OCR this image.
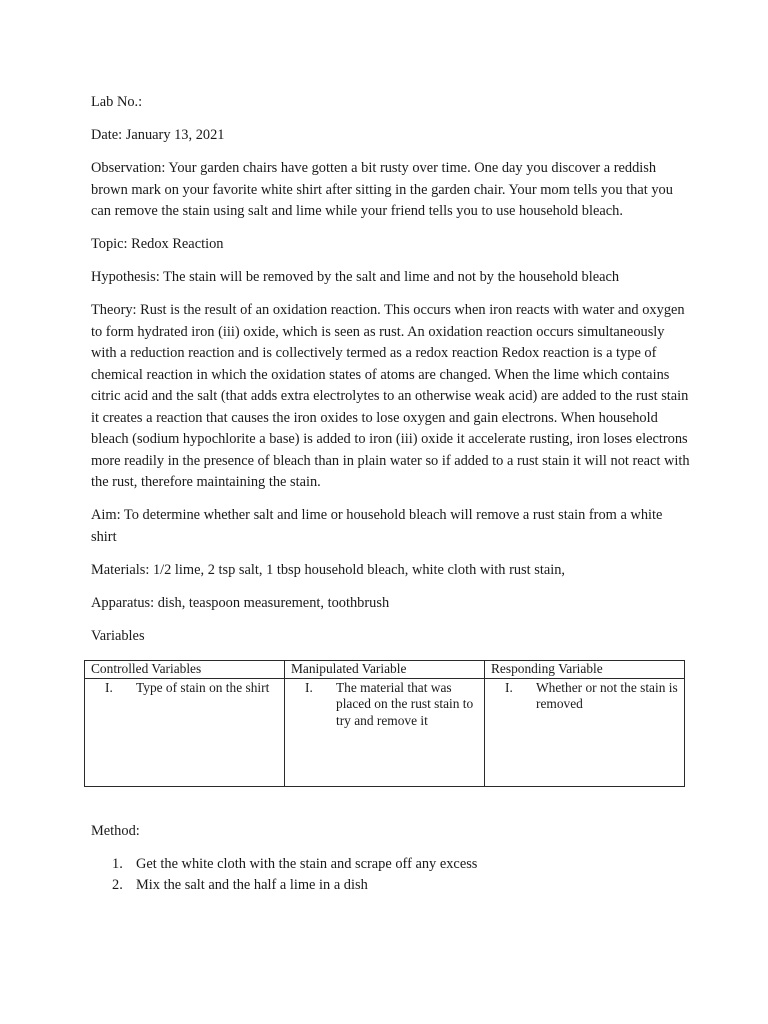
Lab No.:

Date: January 13, 2021

Observation: Your garden chairs have gotten a bit rusty over time. One day you discover a reddish brown mark on your favorite white shirt after sitting in the garden chair. Your mom tells you that you can remove the stain using salt and lime while your friend tells you to use household bleach.

Topic: Redox Reaction

Hypothesis: The stain will be removed by the salt and lime and not by the household bleach

Theory: Rust is the result of an oxidation reaction. This occurs when iron reacts with water and oxygen to form hydrated iron (iii) oxide, which is seen as rust. An oxidation reaction occurs simultaneously with a reduction reaction and is collectively termed as a redox reaction Redox reaction is a type of chemical reaction in which the oxidation states of atoms are changed. When the lime which contains citric acid and the salt (that adds extra electrolytes to an otherwise weak acid) are added to the rust stain it creates a reaction that causes the iron oxides to lose oxygen and gain electrons. When household bleach (sodium hypochlorite a base) is added to iron (iii) oxide it accelerate rusting, iron loses electrons more readily in the presence of bleach than in plain water so if added to a rust stain it will not react with the rust, therefore maintaining the stain.

Aim: To determine whether salt and lime or household bleach will remove a rust stain from a white shirt

Materials: 1/2 lime, 2 tsp salt, 1 tbsp household bleach, white cloth with rust stain,

Apparatus: dish, teaspoon measurement, toothbrush

Variables

Controlled Variables	Manipulated Variable	Responding Variable

I. Type of stain on the shirt	I. The material that was placed on the rust stain to try and remove it	I. Whether or not the stain is removed

Method:

1. Get the white cloth with the stain and scrape off any excess
2. Mix the salt and the half a lime in a dish
